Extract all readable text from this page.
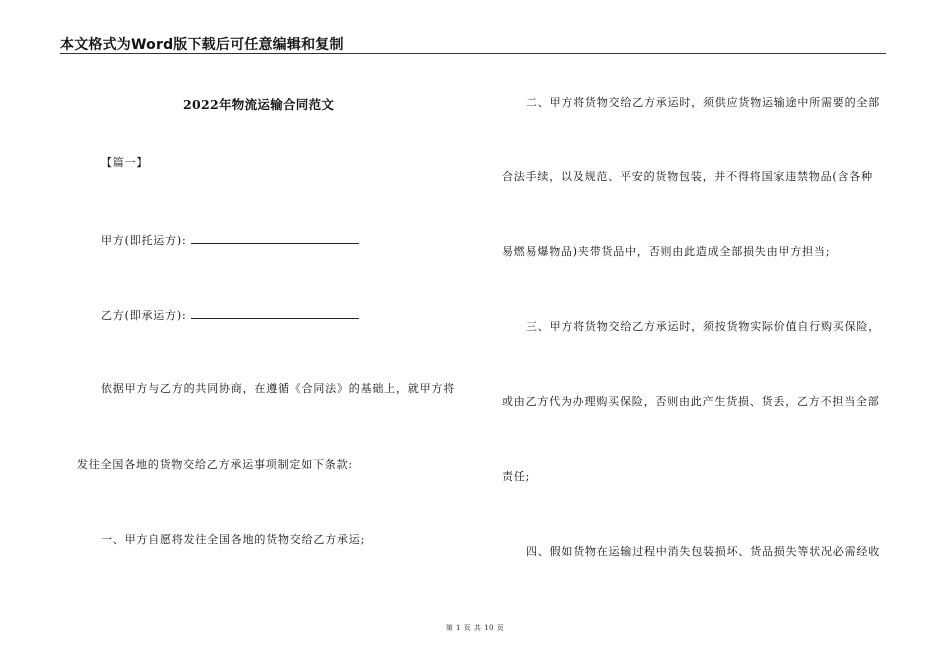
本文格式为Word版下载后可任意编辑和复制
2022年物流运输合同范文
【篇一】
甲方(即托运方):
乙方(即承运方):
依据甲方与乙方的共同协商，在遵循《合同法》的基础上，就甲方将
发往全国各地的货物交给乙方承运事项制定如下条款:
一、甲方自愿将发往全国各地的货物交给乙方承运;
二、甲方将货物交给乙方承运时，须供应货物运输途中所需要的全部
合法手续，以及规范、平安的货物包装，并不得将国家违禁物品(含各种
易燃易爆物品)夹带货品中，否则由此造成全部损失由甲方担当;
三、甲方将货物交给乙方承运时，须按货物实际价值自行购买保险，
或由乙方代为办理购买保险，否则由此产生货损、货丢，乙方不担当全部
责任;
四、假如货物在运输过程中消失包装损坏、货品损失等状况必需经收
第 1 页 共 10 页
